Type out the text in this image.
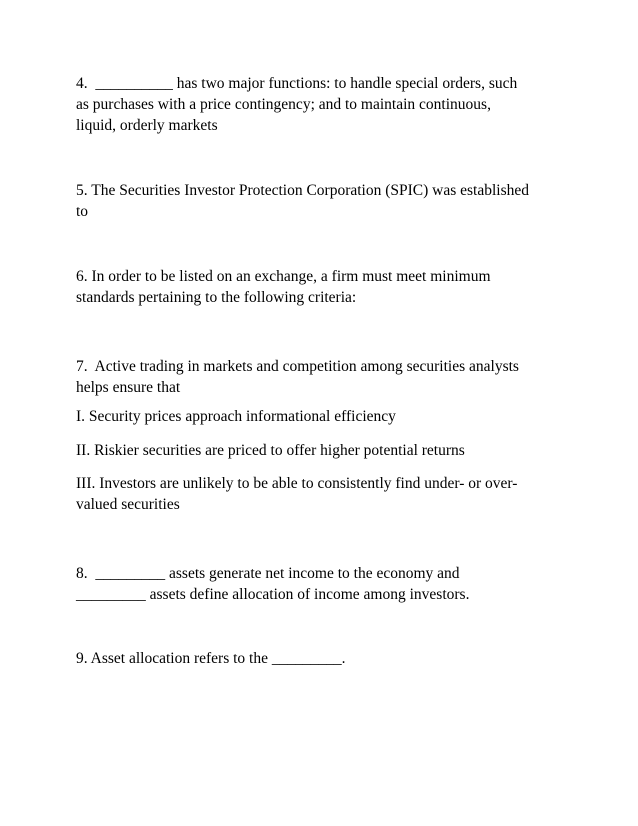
4.  __________ has two major functions: to handle special orders, such
as purchases with a price contingency; and to maintain continuous,
liquid, orderly markets

5. The Securities Investor Protection Corporation (SPIC) was established
to

6. In order to be listed on an exchange, a firm must meet minimum
standards pertaining to the following criteria:

7.  Active trading in markets and competition among securities analysts
helps ensure that

I. Security prices approach informational efficiency

II. Riskier securities are priced to offer higher potential returns

III. Investors are unlikely to be able to consistently find under- or over-
valued securities

8.  _________ assets generate net income to the economy and
_________ assets define allocation of income among investors.

9. Asset allocation refers to the _________.
